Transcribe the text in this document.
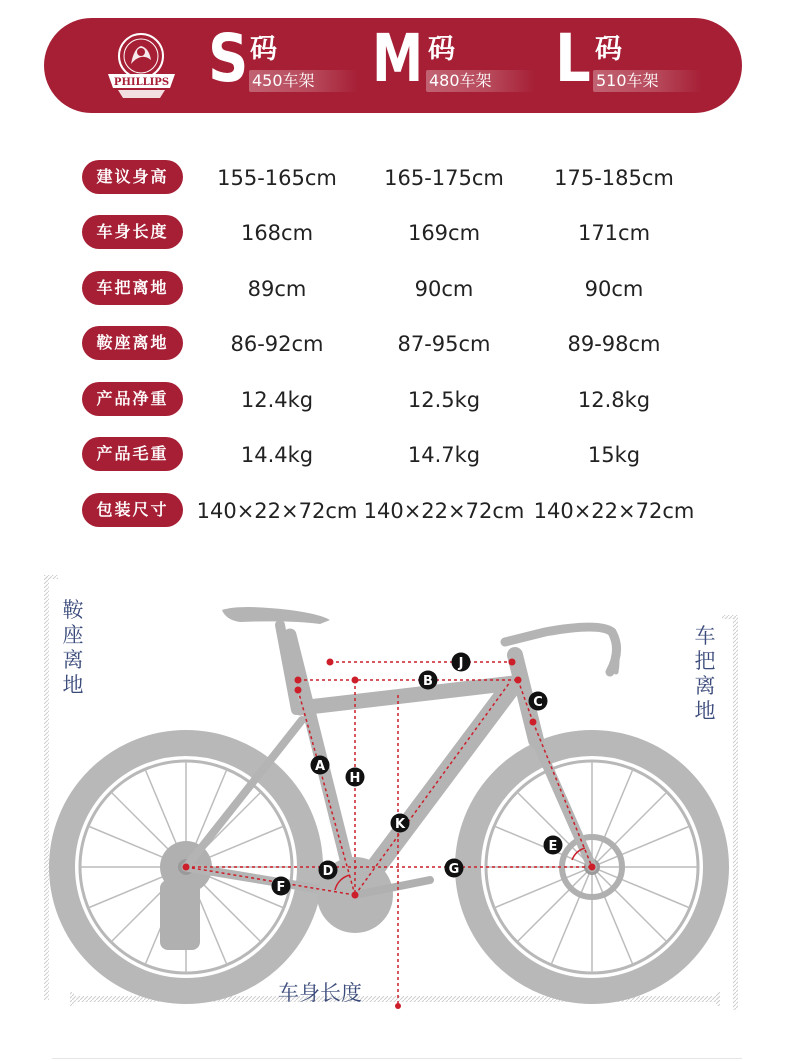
PHILLIPS S 码
450车架 M 码
480车架 L 码
510车架
建议身高	155-165cm	165-175cm	175-185cm
车身长度	168cm	169cm	171cm
车把离地	89cm	90cm	90cm
鞍座离地	86-92cm	87-95cm	89-98cm
产品净重	12.4kg	12.5kg	12.8kg
产品毛重	14.4kg	14.7kg	15kg
包装尺寸	140×22×72cm 140×22×72cm 140×22×72cm
A
B
C
D
E
F
G
H
J
K
鞍
座
离
地
车
把
离
地
车身长度
